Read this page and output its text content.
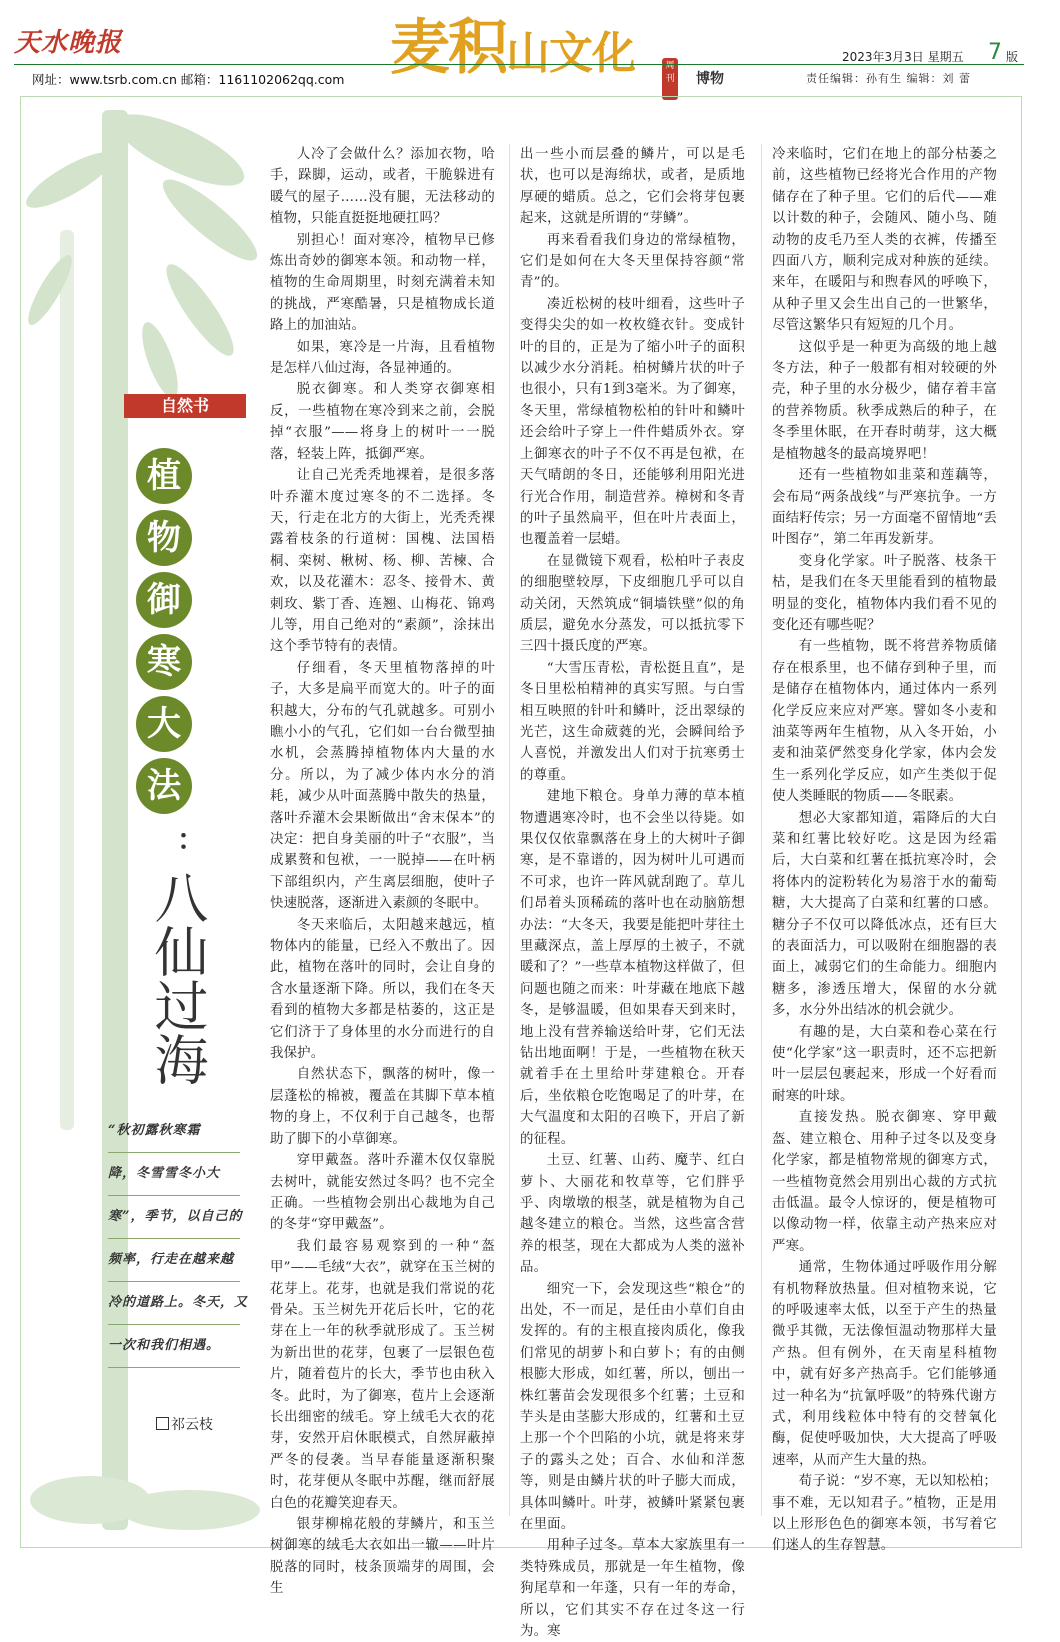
天水晚报
网址：www.tsrb.com.cn 邮箱：1161102062qq.com 麦积山文化	周刊 博物
2023年3月3日 星期五 7 版
责任编辑：孙有生 编辑：刘 蕾
自然书
植
物
御
寒
大
法
：
八仙过海
“秋初露秋寒霜
降，冬雪雪冬小大
寒”，季节，以自己的
频率，行走在越来越
冷的道路上。冬天，又
一次和我们相遇。
祁云枝

人冷了会做什么？添加衣物，哈手，跺脚，运动，或者，干脆躲进有暖气的屋子……没有腿，无法移动的植物，只能直挺挺地硬扛吗？

别担心！面对寒冷，植物早已修炼出奇妙的御寒本领。和动物一样，植物的生命周期里，时刻充满着未知的挑战，严寒酷暑，只是植物成长道路上的加油站。

如果，寒冷是一片海，且看植物是怎样八仙过海，各显神通的。

脱衣御寒。和人类穿衣御寒相反，一些植物在寒冷到来之前，会脱掉“衣服”——将身上的树叶一一脱落，轻装上阵，抵御严寒。

让自己光秃秃地裸着，是很多落叶乔灌木度过寒冬的不二选择。冬天，行走在北方的大街上，光秃秃裸露着枝条的行道树：国槐、法国梧桐、栾树、楸树、杨、柳、苦楝、合欢，以及花灌木：忍冬、接骨木、黄刺玫、紫丁香、连翘、山梅花、锦鸡儿等，用自己绝对的“素颜”，涂抹出这个季节特有的表情。

仔细看，冬天里植物落掉的叶子，大多是扁平而宽大的。叶子的面积越大，分布的气孔就越多。可别小瞧小小的气孔，它们如一台台微型抽水机，会蒸腾掉植物体内大量的水分。所以，为了减少体内水分的消耗，减少从叶面蒸腾中散失的热量，落叶乔灌木会果断做出“舍末保本”的决定：把自身美丽的叶子“衣服”，当成累赘和包袱，一一脱掉——在叶柄下部组织内，产生离层细胞，使叶子快速脱落，逐渐进入素颜的冬眠中。

冬天来临后，太阳越来越远，植物体内的能量，已经入不敷出了。因此，植物在落叶的同时，会让自身的含水量逐渐下降。所以，我们在冬天看到的植物大多都是枯萎的，这正是它们济于了身体里的水分而进行的自我保护。

自然状态下，飘落的树叶，像一层蓬松的棉被，覆盖在其脚下草本植物的身上，不仅利于自己越冬，也帮助了脚下的小草御寒。

穿甲戴盔。落叶乔灌木仅仅靠脱去树叶，就能安然过冬吗？也不完全正确。一些植物会别出心裁地为自己的冬芽“穿甲戴盔”。

我们最容易观察到的一种“盔甲”——毛绒“大衣”，就穿在玉兰树的花芽上。花芽，也就是我们常说的花骨朵。玉兰树先开花后长叶，它的花芽在上一年的秋季就形成了。玉兰树为新出世的花芽，包裹了一层银色苞片，随着苞片的长大，季节也由秋入冬。此时，为了御寒，苞片上会逐渐长出细密的绒毛。穿上绒毛大衣的花芽，安然开启休眠模式，自然屏蔽掉严冬的侵袭。当早春能量逐渐积聚时，花芽便从冬眠中苏醒，继而舒展白色的花瓣笑迎春天。

银芽柳棉花般的芽鳞片，和玉兰树御寒的绒毛大衣如出一辙——叶片脱落的同时，枝条顶端芽的周围，会生

出一些小而层叠的鳞片，可以是毛状，也可以是海绵状，或者，是质地厚硬的蜡质。总之，它们会将芽包裹起来，这就是所谓的“芽鳞”。

再来看看我们身边的常绿植物，它们是如何在大冬天里保持容颜“常青”的。

凑近松树的枝叶细看，这些叶子变得尖尖的如一枚枚缝衣针。变成针叶的目的，正是为了缩小叶子的面积以减少水分消耗。柏树鳞片状的叶子也很小，只有1到3毫米。为了御寒，冬天里，常绿植物松柏的针叶和鳞叶还会给叶子穿上一件件蜡质外衣。穿上御寒衣的叶子不仅不再是包袱，在天气晴朗的冬日，还能够利用阳光进行光合作用，制造营养。樟树和冬青的叶子虽然扁平，但在叶片表面上，也覆盖着一层蜡。

在显微镜下观看，松柏叶子表皮的细胞壁较厚，下皮细胞几乎可以自动关闭，天然筑成“铜墙铁壁”似的角质层，避免水分蒸发，可以抵抗零下三四十摄氏度的严寒。

“大雪压青松，青松挺且直”，是冬日里松柏精神的真实写照。与白雪相互映照的针叶和鳞叶，泛出翠绿的光芒，这生命葳蕤的光，会瞬间给予人喜悦，并激发出人们对于抗寒勇士的尊重。

建地下粮仓。身单力薄的草本植物遭遇寒冷时，也不会坐以待毙。如果仅仅依靠飘落在身上的大树叶子御寒，是不靠谱的，因为树叶儿可遇而不可求，也许一阵风就刮跑了。草儿们昂着头顶稀疏的落叶也在动脑筋想办法：“大冬天，我要是能把叶芽往土里藏深点，盖上厚厚的土被子，不就暖和了？”一些草本植物这样做了，但问题也随之而来：叶芽藏在地底下越冬，是够温暖，但如果春天到来时，地上没有营养输送给叶芽，它们无法钻出地面啊！于是，一些植物在秋天就着手在土里给叶芽建粮仓。开春后，坐依粮仓吃饱喝足了的叶芽，在大气温度和太阳的召唤下，开启了新的征程。

土豆、红薯、山药、魔芋、红白萝卜、大丽花和牧草等，它们胖乎乎、肉墩墩的根茎，就是植物为自己越冬建立的粮仓。当然，这些富含营养的根茎，现在大都成为人类的滋补品。

细究一下，会发现这些“粮仓”的出处，不一而足，是任由小草们自由发挥的。有的主根直接肉质化，像我们常见的胡萝卜和白萝卜；有的由侧根膨大形成，如红薯，所以，刨出一株红薯苗会发现很多个红薯；土豆和芋头是由茎膨大形成的，红薯和土豆上那一个个凹陷的小坑，就是将来芽子的露头之处；百合、水仙和洋葱等，则是由鳞片状的叶子膨大而成，具体叫鳞叶。叶芽，被鳞叶紧紧包裹在里面。

用种子过冬。草本大家族里有一类特殊成员，那就是一年生植物，像狗尾草和一年蓬，只有一年的寿命，所以，它们其实不存在过冬这一行为。寒

冷来临时，它们在地上的部分枯萎之前，这些植物已经将光合作用的产物储存在了种子里。它们的后代——难以计数的种子，会随风、随小鸟、随动物的皮毛乃至人类的衣裤，传播至四面八方，顺利完成对种族的延续。来年，在暖阳与和煦春风的呼唤下，从种子里又会生出自己的一世繁华，尽管这繁华只有短短的几个月。

这似乎是一种更为高级的地上越冬方法，种子一般都有相对较硬的外壳，种子里的水分极少，储存着丰富的营养物质。秋季成熟后的种子，在冬季里休眠，在开春时萌芽，这大概是植物越冬的最高境界吧！

还有一些植物如韭菜和莲藕等，会布局“两条战线”与严寒抗争。一方面结籽传宗；另一方面毫不留情地“丢叶图存”，第二年再发新芽。

变身化学家。叶子脱落、枝条干枯，是我们在冬天里能看到的植物最明显的变化，植物体内我们看不见的变化还有哪些呢？

有一些植物，既不将营养物质储存在根系里，也不储存到种子里，而是储存在植物体内，通过体内一系列化学反应来应对严寒。譬如冬小麦和油菜等两年生植物，从入冬开始，小麦和油菜俨然变身化学家，体内会发生一系列化学反应，如产生类似于促使人类睡眠的物质——冬眠素。

想必大家都知道，霜降后的大白菜和红薯比较好吃。这是因为经霜后，大白菜和红薯在抵抗寒冷时，会将体内的淀粉转化为易溶于水的葡萄糖，大大提高了白菜和红薯的口感。糖分子不仅可以降低冰点，还有巨大的表面活力，可以吸附在细胞器的表面上，减弱它们的生命能力。细胞内糖多，渗透压增大，保留的水分就多，水分外出结冰的机会就少。

有趣的是，大白菜和卷心菜在行使“化学家”这一职责时，还不忘把新叶一层层包裹起来，形成一个好看而耐寒的叶球。

直接发热。脱衣御寒、穿甲戴盔、建立粮仓、用种子过冬以及变身化学家，都是植物常规的御寒方式，一些植物竟然会用别出心裁的方式抗击低温。最令人惊讶的，便是植物可以像动物一样，依靠主动产热来应对严寒。

通常，生物体通过呼吸作用分解有机物释放热量。但对植物来说，它的呼吸速率太低，以至于产生的热量微乎其微，无法像恒温动物那样大量产热。但有例外，在天南星科植物中，就有好多产热高手。它们能够通过一种名为“抗氰呼吸”的特殊代谢方式，利用线粒体中特有的交替氧化酶，促使呼吸加快，大大提高了呼吸速率，从而产生大量的热。

荀子说：“岁不寒，无以知松柏；事不难，无以知君子。”植物，正是用以上形形色色的御寒本领，书写着它们迷人的生存智慧。
